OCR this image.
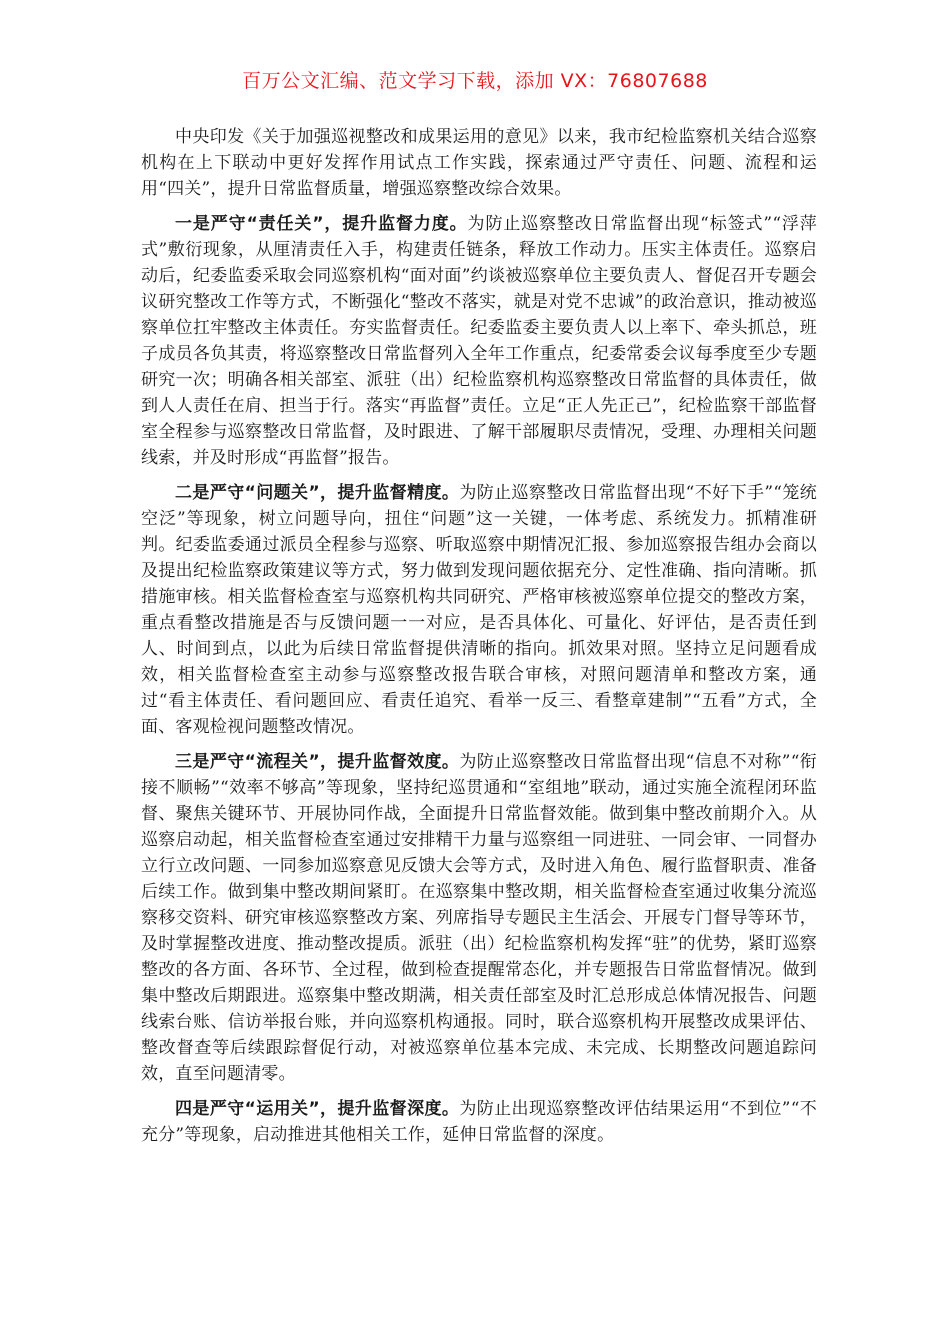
百万公文汇编、范文学习下载，添加 VX：76807688

中央印发《关于加强巡视整改和成果运用的意见》以来，我市纪检监察机关结合巡察机构在上下联动中更好发挥作用试点工作实践，探索通过严守责任、问题、流程和运用“四关”，提升日常监督质量，增强巡察整改综合效果。

一是严守“责任关”，提升监督力度。为防止巡察整改日常监督出现“标签式”“浮萍式”敷衍现象，从厘清责任入手，构建责任链条，释放工作动力。压实主体责任。巡察启动后，纪委监委采取会同巡察机构“面对面”约谈被巡察单位主要负责人、督促召开专题会议研究整改工作等方式，不断强化“整改不落实，就是对党不忠诚”的政治意识，推动被巡察单位扛牢整改主体责任。夯实监督责任。纪委监委主要负责人以上率下、牵头抓总，班子成员各负其责，将巡察整改日常监督列入全年工作重点，纪委常委会议每季度至少专题研究一次；明确各相关部室、派驻（出）纪检监察机构巡察整改日常监督的具体责任，做到人人责任在肩、担当于行。落实“再监督”责任。立足“正人先正己”，纪检监察干部监督室全程参与巡察整改日常监督，及时跟进、了解干部履职尽责情况，受理、办理相关问题线索，并及时形成“再监督”报告。

二是严守“问题关”，提升监督精度。为防止巡察整改日常监督出现“不好下手”“笼统空泛”等现象，树立问题导向，扭住“问题”这一关键，一体考虑、系统发力。抓精准研判。纪委监委通过派员全程参与巡察、听取巡察中期情况汇报、参加巡察报告组办会商以及提出纪检监察政策建议等方式，努力做到发现问题依据充分、定性准确、指向清晰。抓措施审核。相关监督检查室与巡察机构共同研究、严格审核被巡察单位提交的整改方案，重点看整改措施是否与反馈问题一一对应，是否具体化、可量化、好评估，是否责任到人、时间到点，以此为后续日常监督提供清晰的指向。抓效果对照。坚持立足问题看成效，相关监督检查室主动参与巡察整改报告联合审核，对照问题清单和整改方案，通过“看主体责任、看问题回应、看责任追究、看举一反三、看整章建制”“五看”方式，全面、客观检视问题整改情况。

三是严守“流程关”，提升监督效度。为防止巡察整改日常监督出现“信息不对称”“衔接不顺畅”“效率不够高”等现象，坚持纪巡贯通和“室组地”联动，通过实施全流程闭环监督、聚焦关键环节、开展协同作战，全面提升日常监督效能。做到集中整改前期介入。从巡察启动起，相关监督检查室通过安排精干力量与巡察组一同进驻、一同会审、一同督办立行立改问题、一同参加巡察意见反馈大会等方式，及时进入角色、履行监督职责、准备后续工作。做到集中整改期间紧盯。在巡察集中整改期，相关监督检查室通过收集分流巡察移交资料、研究审核巡察整改方案、列席指导专题民主生活会、开展专门督导等环节，及时掌握整改进度、推动整改提质。派驻（出）纪检监察机构发挥“驻”的优势，紧盯巡察整改的各方面、各环节、全过程，做到检查提醒常态化，并专题报告日常监督情况。做到集中整改后期跟进。巡察集中整改期满，相关责任部室及时汇总形成总体情况报告、问题线索台账、信访举报台账，并向巡察机构通报。同时，联合巡察机构开展整改成果评估、整改督查等后续跟踪督促行动，对被巡察单位基本完成、未完成、长期整改问题追踪问效，直至问题清零。

四是严守“运用关”，提升监督深度。为防止出现巡察整改评估结果运用“不到位”“不充分”等现象，启动推进其他相关工作，延伸日常监督的深度。
